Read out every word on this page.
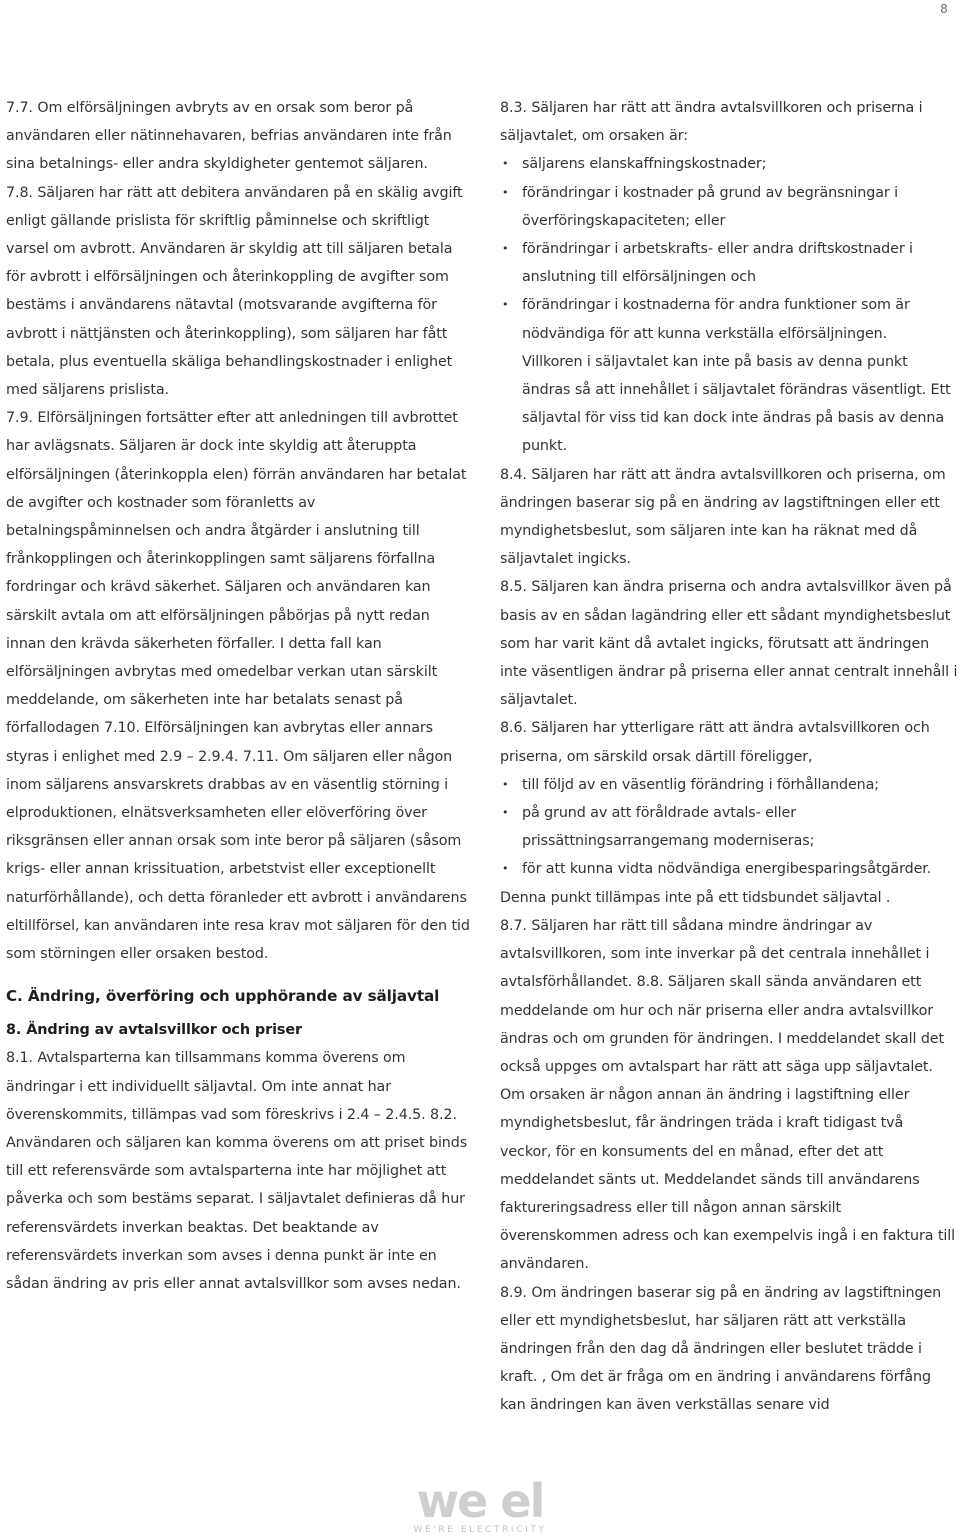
8

7.7. Om elförsäljningen avbryts av en orsak som beror på användaren eller nätinnehavaren, befrias användaren inte från sina betalnings- eller andra skyldigheter gentemot säljaren.

7.8. Säljaren har rätt att debitera användaren på en skälig avgift enligt gällande prislista för skriftlig påminnelse och skriftligt varsel om avbrott. Användaren är skyldig att till säljaren betala för avbrott i elförsäljningen och återinkoppling de avgifter som bestäms i användarens nätavtal (motsvarande avgifterna för avbrott i nättjänsten och återinkoppling), som säljaren har fått betala, plus eventuella skäliga behandlingskostnader i enlighet med säljarens prislista.

7.9. Elförsäljningen fortsätter efter att anledningen till avbrottet har avlägsnats. Säljaren är dock inte skyldig att återuppta elförsäljningen (återinkoppla elen) förrän användaren har betalat de avgifter och kostnader som föranletts av betalningspåminnelsen och andra åtgärder i anslutning till frånkopplingen och återinkopplingen samt säljarens förfallna fordringar och krävd säkerhet. Säljaren och användaren kan särskilt avtala om att elförsäljningen påbörjas på nytt redan innan den krävda säkerheten förfaller. I detta fall kan elförsäljningen avbrytas med omedelbar verkan utan särskilt meddelande, om säkerheten inte har betalats senast på förfallodagen 7.10. Elförsäljningen kan avbrytas eller annars styras i enlighet med 2.9 – 2.9.4. 7.11. Om säljaren eller någon inom säljarens ansvarskrets drabbas av en väsentlig störning i elproduktionen, elnätsverksamheten eller elöverföring över riksgränsen eller annan orsak som inte beror på säljaren (såsom krigs- eller annan krissituation, arbetstvist eller exceptionellt naturförhållande), och detta föranleder ett avbrott i användarens eltillförsel, kan användaren inte resa krav mot säljaren för den tid som störningen eller orsaken bestod.

C. Ändring, överföring och upphörande av säljavtal

8. Ändring av avtalsvillkor och priser

8.1. Avtalsparterna kan tillsammans komma överens om ändringar i ett individuellt säljavtal. Om inte annat har överenskommits, tillämpas vad som föreskrivs i 2.4 – 2.4.5. 8.2. Användaren och säljaren kan komma överens om att priset binds till ett referensvärde som avtalsparterna inte har möjlighet att påverka och som bestäms separat. I säljavtalet definieras då hur referensvärdets inverkan beaktas. Det beaktande av referensvärdets inverkan som avses i denna punkt är inte en sådan ändring av pris eller annat avtalsvillkor som avses nedan.

8.3. Säljaren har rätt att ändra avtalsvillkoren och priserna i säljavtalet, om orsaken är:

• säljarens elanskaffningskostnader;
• förändringar i kostnader på grund av begränsningar i överföringskapaciteten; eller
• förändringar i arbetskrafts- eller andra driftskostnader i anslutning till elförsäljningen och
• förändringar i kostnaderna för andra funktioner som är nödvändiga för att kunna verkställa elförsäljningen.

Villkoren i säljavtalet kan inte på basis av denna punkt ändras så att innehållet i säljavtalet förändras väsentligt. Ett säljavtal för viss tid kan dock inte ändras på basis av denna punkt.

8.4. Säljaren har rätt att ändra avtalsvillkoren och priserna, om ändringen baserar sig på en ändring av lagstiftningen eller ett myndighetsbeslut, som säljaren inte kan ha räknat med då säljavtalet ingicks.

8.5. Säljaren kan ändra priserna och andra avtalsvillkor även på basis av en sådan lagändring eller ett sådant myndighetsbeslut som har varit känt då avtalet ingicks, förutsatt att ändringen inte väsentligen ändrar på priserna eller annat centralt innehåll i säljavtalet.

8.6. Säljaren har ytterligare rätt att ändra avtalsvillkoren och priserna, om särskild orsak därtill föreligger,

• till följd av en väsentlig förändring i förhållandena;
• på grund av att föråldrade avtals- eller prissättningsarrangemang moderniseras;
• för att kunna vidta nödvändiga energibesparingsåtgärder.

Denna punkt tillämpas inte på ett tidsbundet säljavtal .

8.7. Säljaren har rätt till sådana mindre ändringar av avtalsvillkoren, som inte inverkar på det centrala innehållet i avtalsförhållandet. 8.8. Säljaren skall sända användaren ett meddelande om hur och när priserna eller andra avtalsvillkor ändras och om grunden för ändringen. I meddelandet skall det också uppges om avtalspart har rätt att säga upp säljavtalet. Om orsaken är någon annan än ändring i lagstiftning eller myndighetsbeslut, får ändringen träda i kraft tidigast två veckor, för en konsuments del en månad, efter det att meddelandet sänts ut. Meddelandet sänds till användarens faktureringsadress eller till någon annan särskilt överenskommen adress och kan exempelvis ingå i en faktura till användaren.

8.9. Om ändringen baserar sig på en ändring av lagstiftningen eller ett myndighetsbeslut, har säljaren rätt att verkställa ändringen från den dag då ändringen eller beslutet trädde i kraft. , Om det är fråga om en ändring i användarens förfång kan ändringen kan även verkställas senare vid

we el
WE'RE ELECTRICITY
